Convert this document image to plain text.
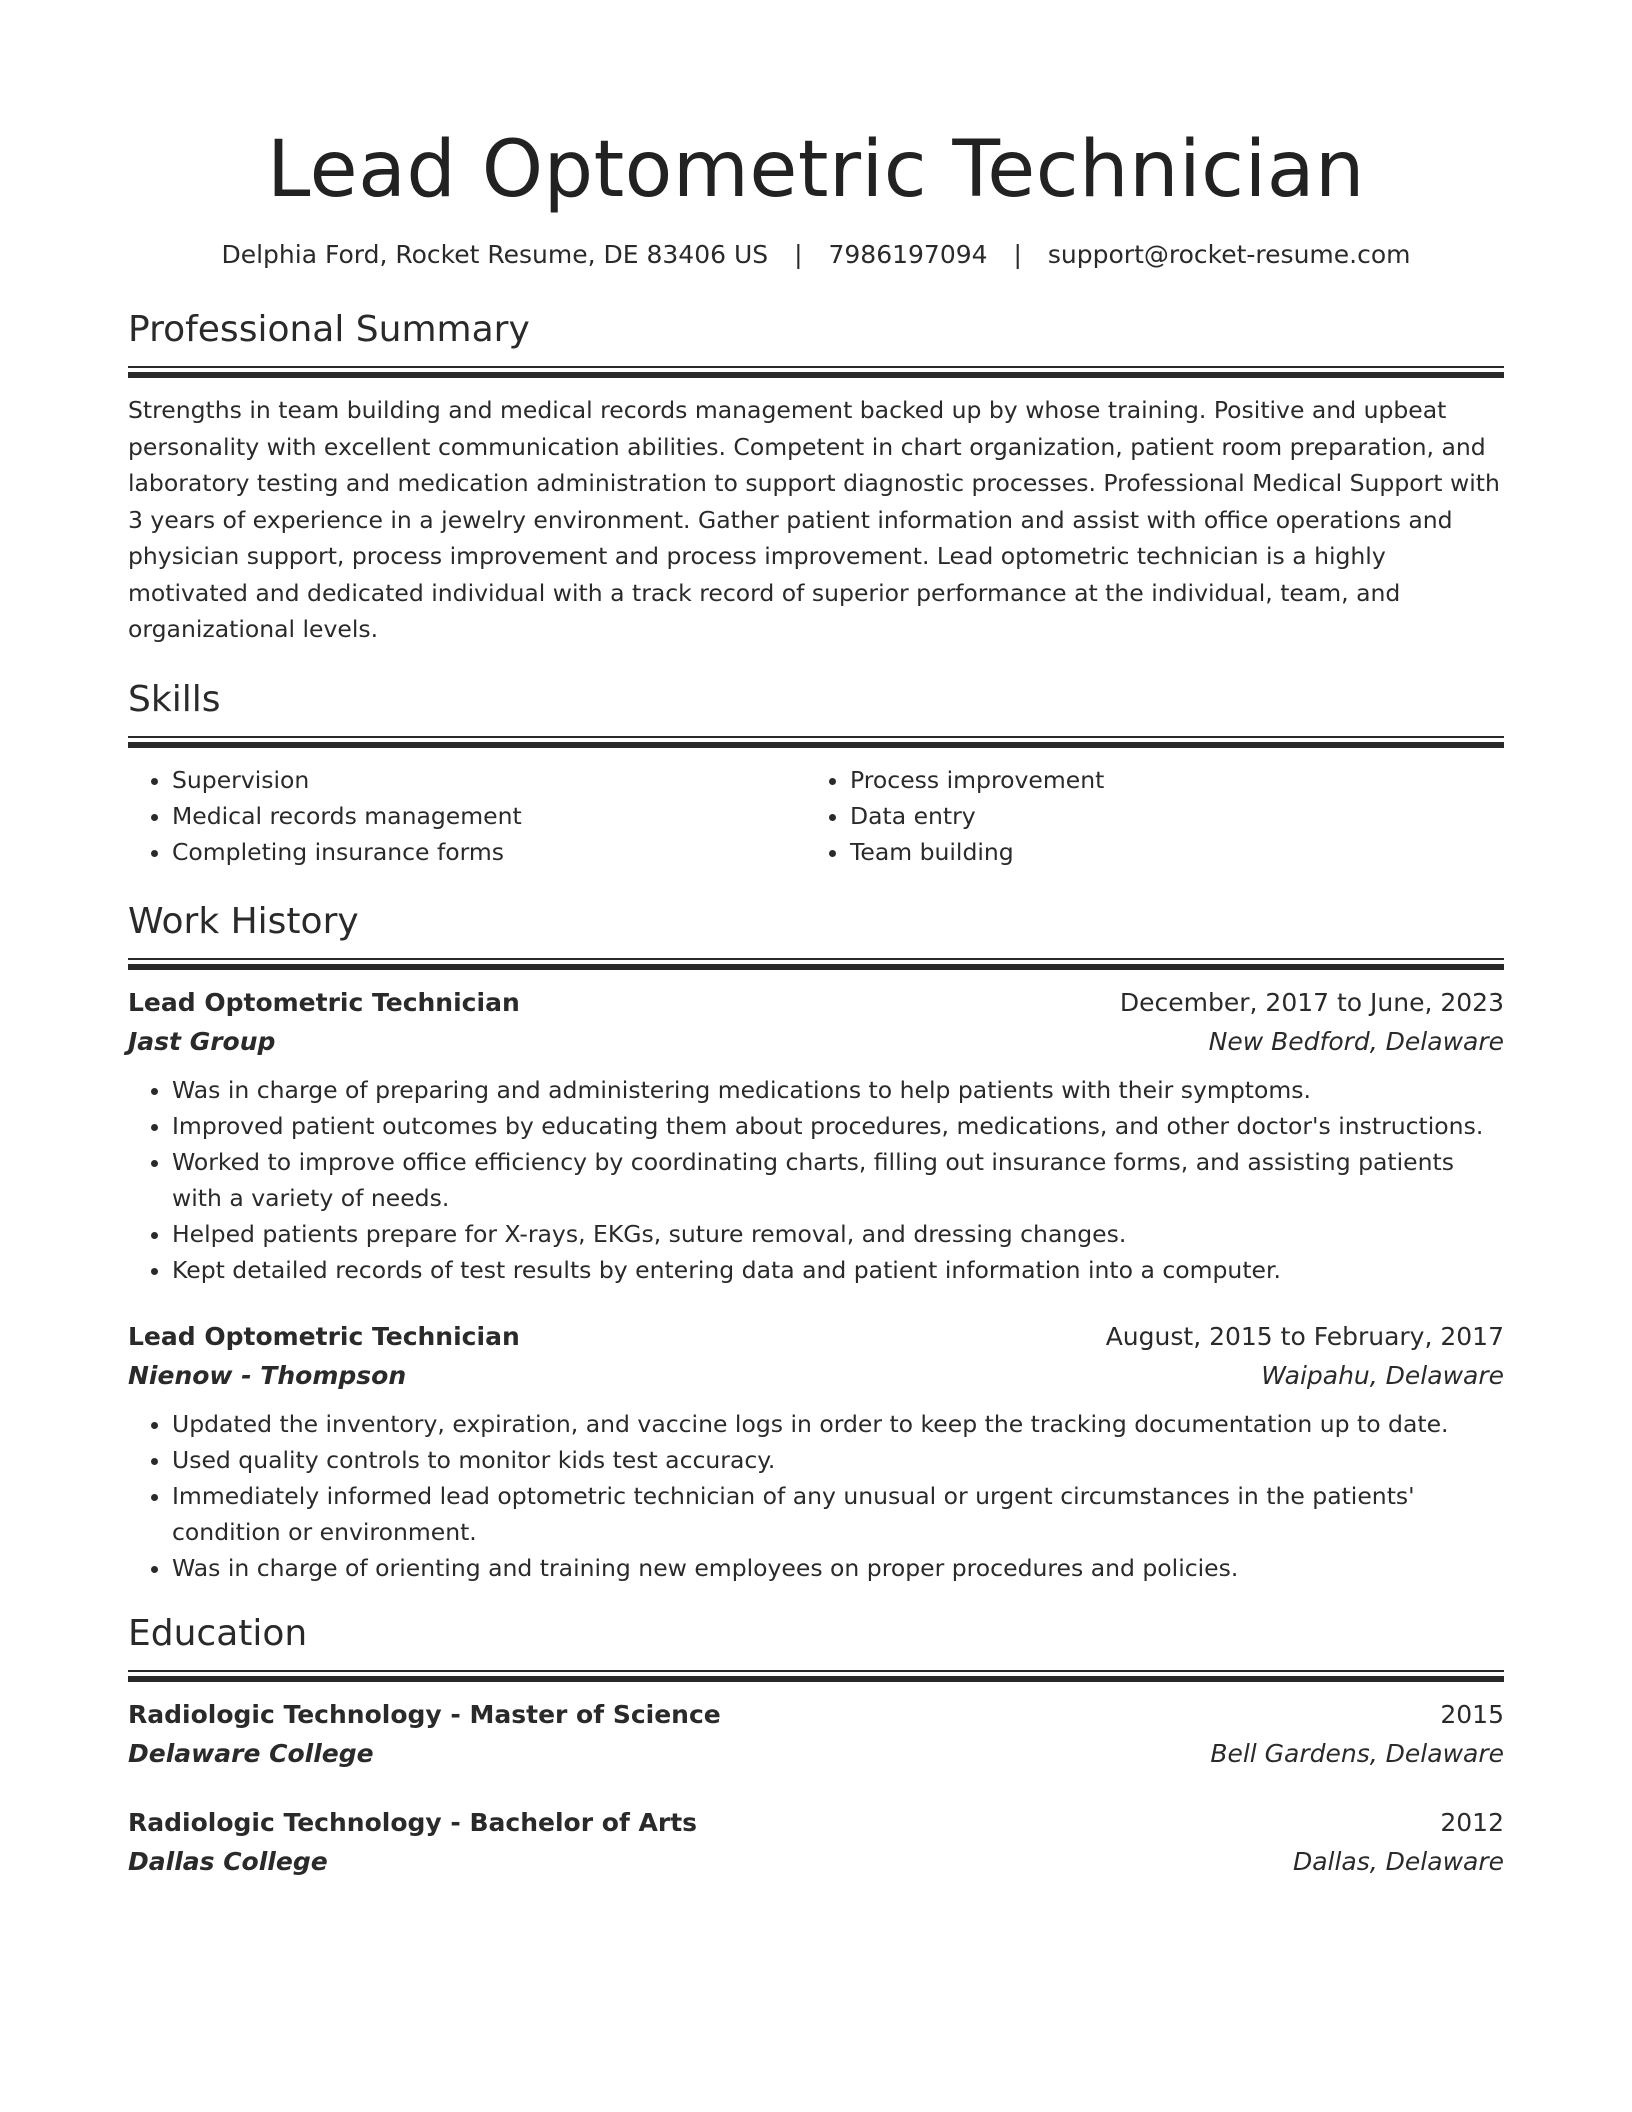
Lead Optometric Technician
Delphia Ford, Rocket Resume, DE 83406 US | 7986197094 | support@rocket-resume.com
Professional Summary
Strengths in team building and medical records management backed up by whose training. Positive and upbeat personality with excellent communication abilities. Competent in chart organization, patient room preparation, and laboratory testing and medication administration to support diagnostic processes. Professional Medical Support with 3 years of experience in a jewelry environment. Gather patient information and assist with office operations and physician support, process improvement and process improvement. Lead optometric technician is a highly motivated and dedicated individual with a track record of superior performance at the individual, team, and organizational levels.
Skills
• Supervision
• Medical records management
• Completing insurance forms
• Process improvement
• Data entry
• Team building
Work History
Lead Optometric Technician	December, 2017 to June, 2023
Jast Group	New Bedford, Delaware
• Was in charge of preparing and administering medications to help patients with their symptoms.
• Improved patient outcomes by educating them about procedures, medications, and other doctor's instructions.
• Worked to improve office efficiency by coordinating charts, filling out insurance forms, and assisting patients with a variety of needs.
• Helped patients prepare for X-rays, EKGs, suture removal, and dressing changes.
• Kept detailed records of test results by entering data and patient information into a computer.
Lead Optometric Technician	August, 2015 to February, 2017
Nienow - Thompson	Waipahu, Delaware
• Updated the inventory, expiration, and vaccine logs in order to keep the tracking documentation up to date.
• Used quality controls to monitor kids test accuracy.
• Immediately informed lead optometric technician of any unusual or urgent circumstances in the patients' condition or environment.
• Was in charge of orienting and training new employees on proper procedures and policies.
Education
Radiologic Technology - Master of Science	2015
Delaware College	Bell Gardens, Delaware
Radiologic Technology - Bachelor of Arts	2012
Dallas College	Dallas, Delaware
